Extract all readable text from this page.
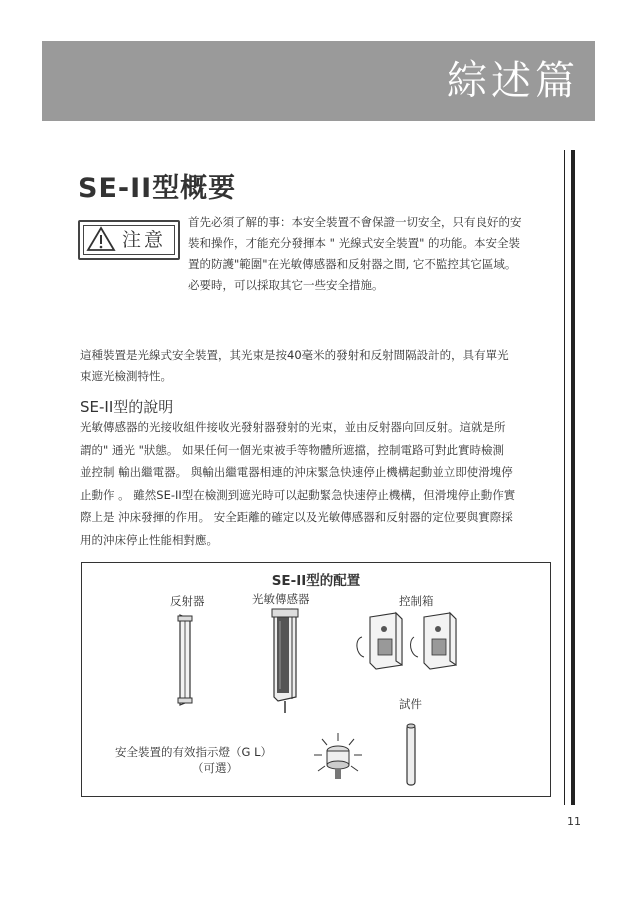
綜述篇
SE-II型概要
注意
首先必須了解的事：本安全裝置不會保證一切安全，只有良好的安
裝和操作，才能充分發揮本 " 光線式安全裝置" 的功能。本安全裝
置的防護"範圍"在光敏傳感器和反射器之間, 它不監控其它區域。
必要時，可以採取其它一些安全措施。
這種裝置是光線式安全裝置，其光束是按40毫米的發射和反射間隔設計的，具有單光
束遮光檢測特性。
SE-II型的說明
光敏傳感器的光接收組件接收光發射器發射的光束，並由反射器向回反射。這就是所
謂的" 通光 "狀態。 如果任何一個光束被手等物體所遮擋，控制電路可對此實時檢測
並控制 輸出繼電器。 與輸出繼電器相連的沖床緊急快速停止機構起動並立即使滑塊停
止動作 。 雖然SE-II型在檢測到遮光時可以起動緊急快速停止機構，但滑塊停止動作實
際上是 沖床發揮的作用。 安全距離的確定以及光敏傳感器和反射器的定位要與實際採
用的沖床停止性能相對應。
SE-II型的配置
反射器	光敏傳感器	控制箱
試件
安全裝置的有效指示燈（G L）
（可選）
11
